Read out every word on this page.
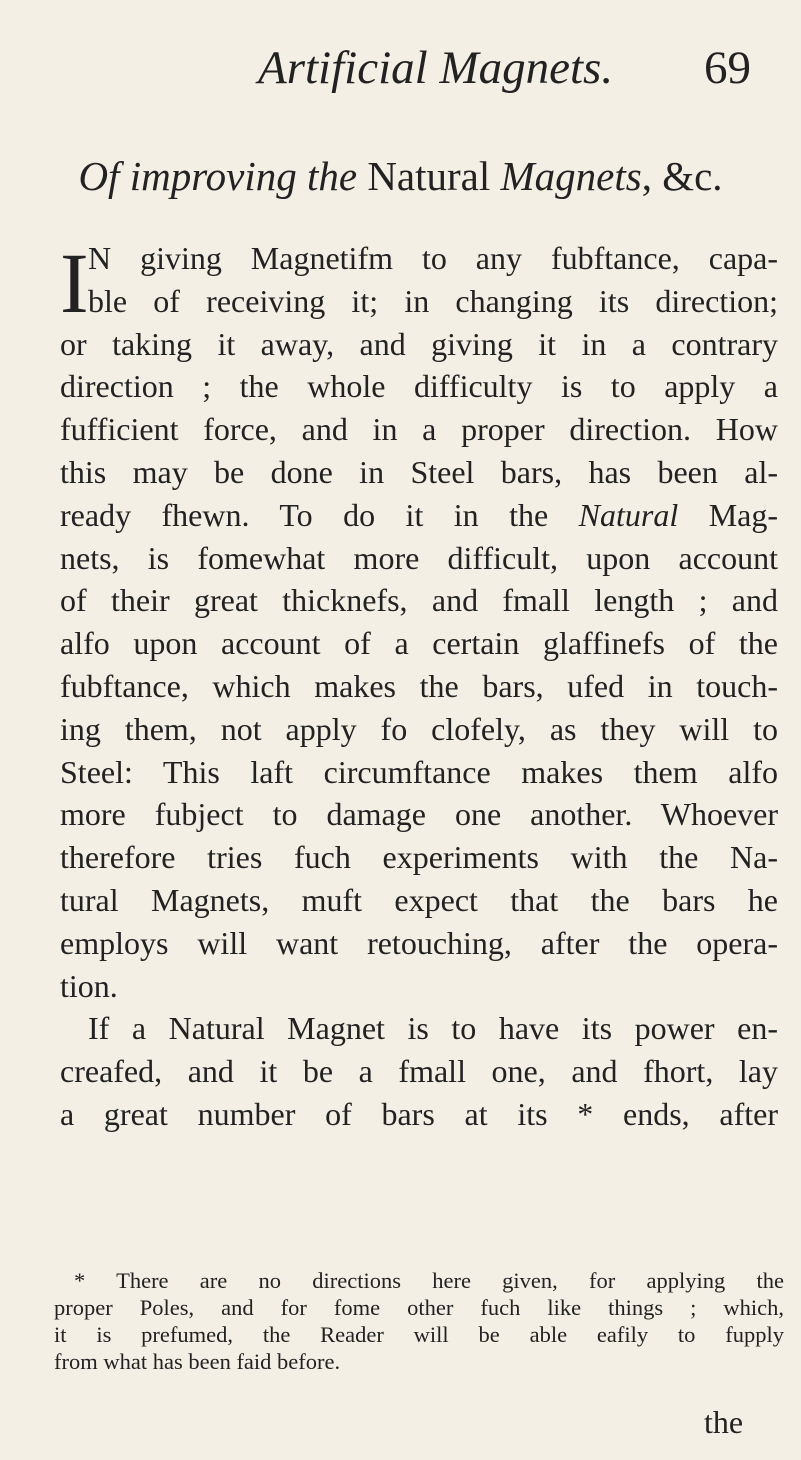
Artificial Magnets. 69
Of improving the Natural Magnets, &c.
I N giving Magnetifm to any fubftance, capa-
ble of receiving it; in changing its direction;
or taking it away, and giving it in a contrary
direction ; the whole difficulty is to apply a
fufficient force, and in a proper direction. How
this may be done in Steel bars, has been al-
ready fhewn. To do it in the Natural Mag-
nets, is fomewhat more difficult, upon account
of their great thicknefs, and fmall length ; and
alfo upon account of a certain glaffinefs of the
fubftance, which makes the bars, ufed in touch-
ing them, not apply fo clofely, as they will to
Steel: This laft circumftance makes them alfo
more fubject to damage one another. Whoever
therefore tries fuch experiments with the Na-
tural Magnets, muft expect that the bars he
employs will want retouching, after the opera-
tion.
If a Natural Magnet is to have its power en-
creafed, and it be a fmall one, and fhort, lay
a great number of bars at its * ends, after
* There are no directions here given, for applying the
proper Poles, and for fome other fuch like things ; which,
it is prefumed, the Reader will be able eafily to fupply
from what has been faid before.
the
